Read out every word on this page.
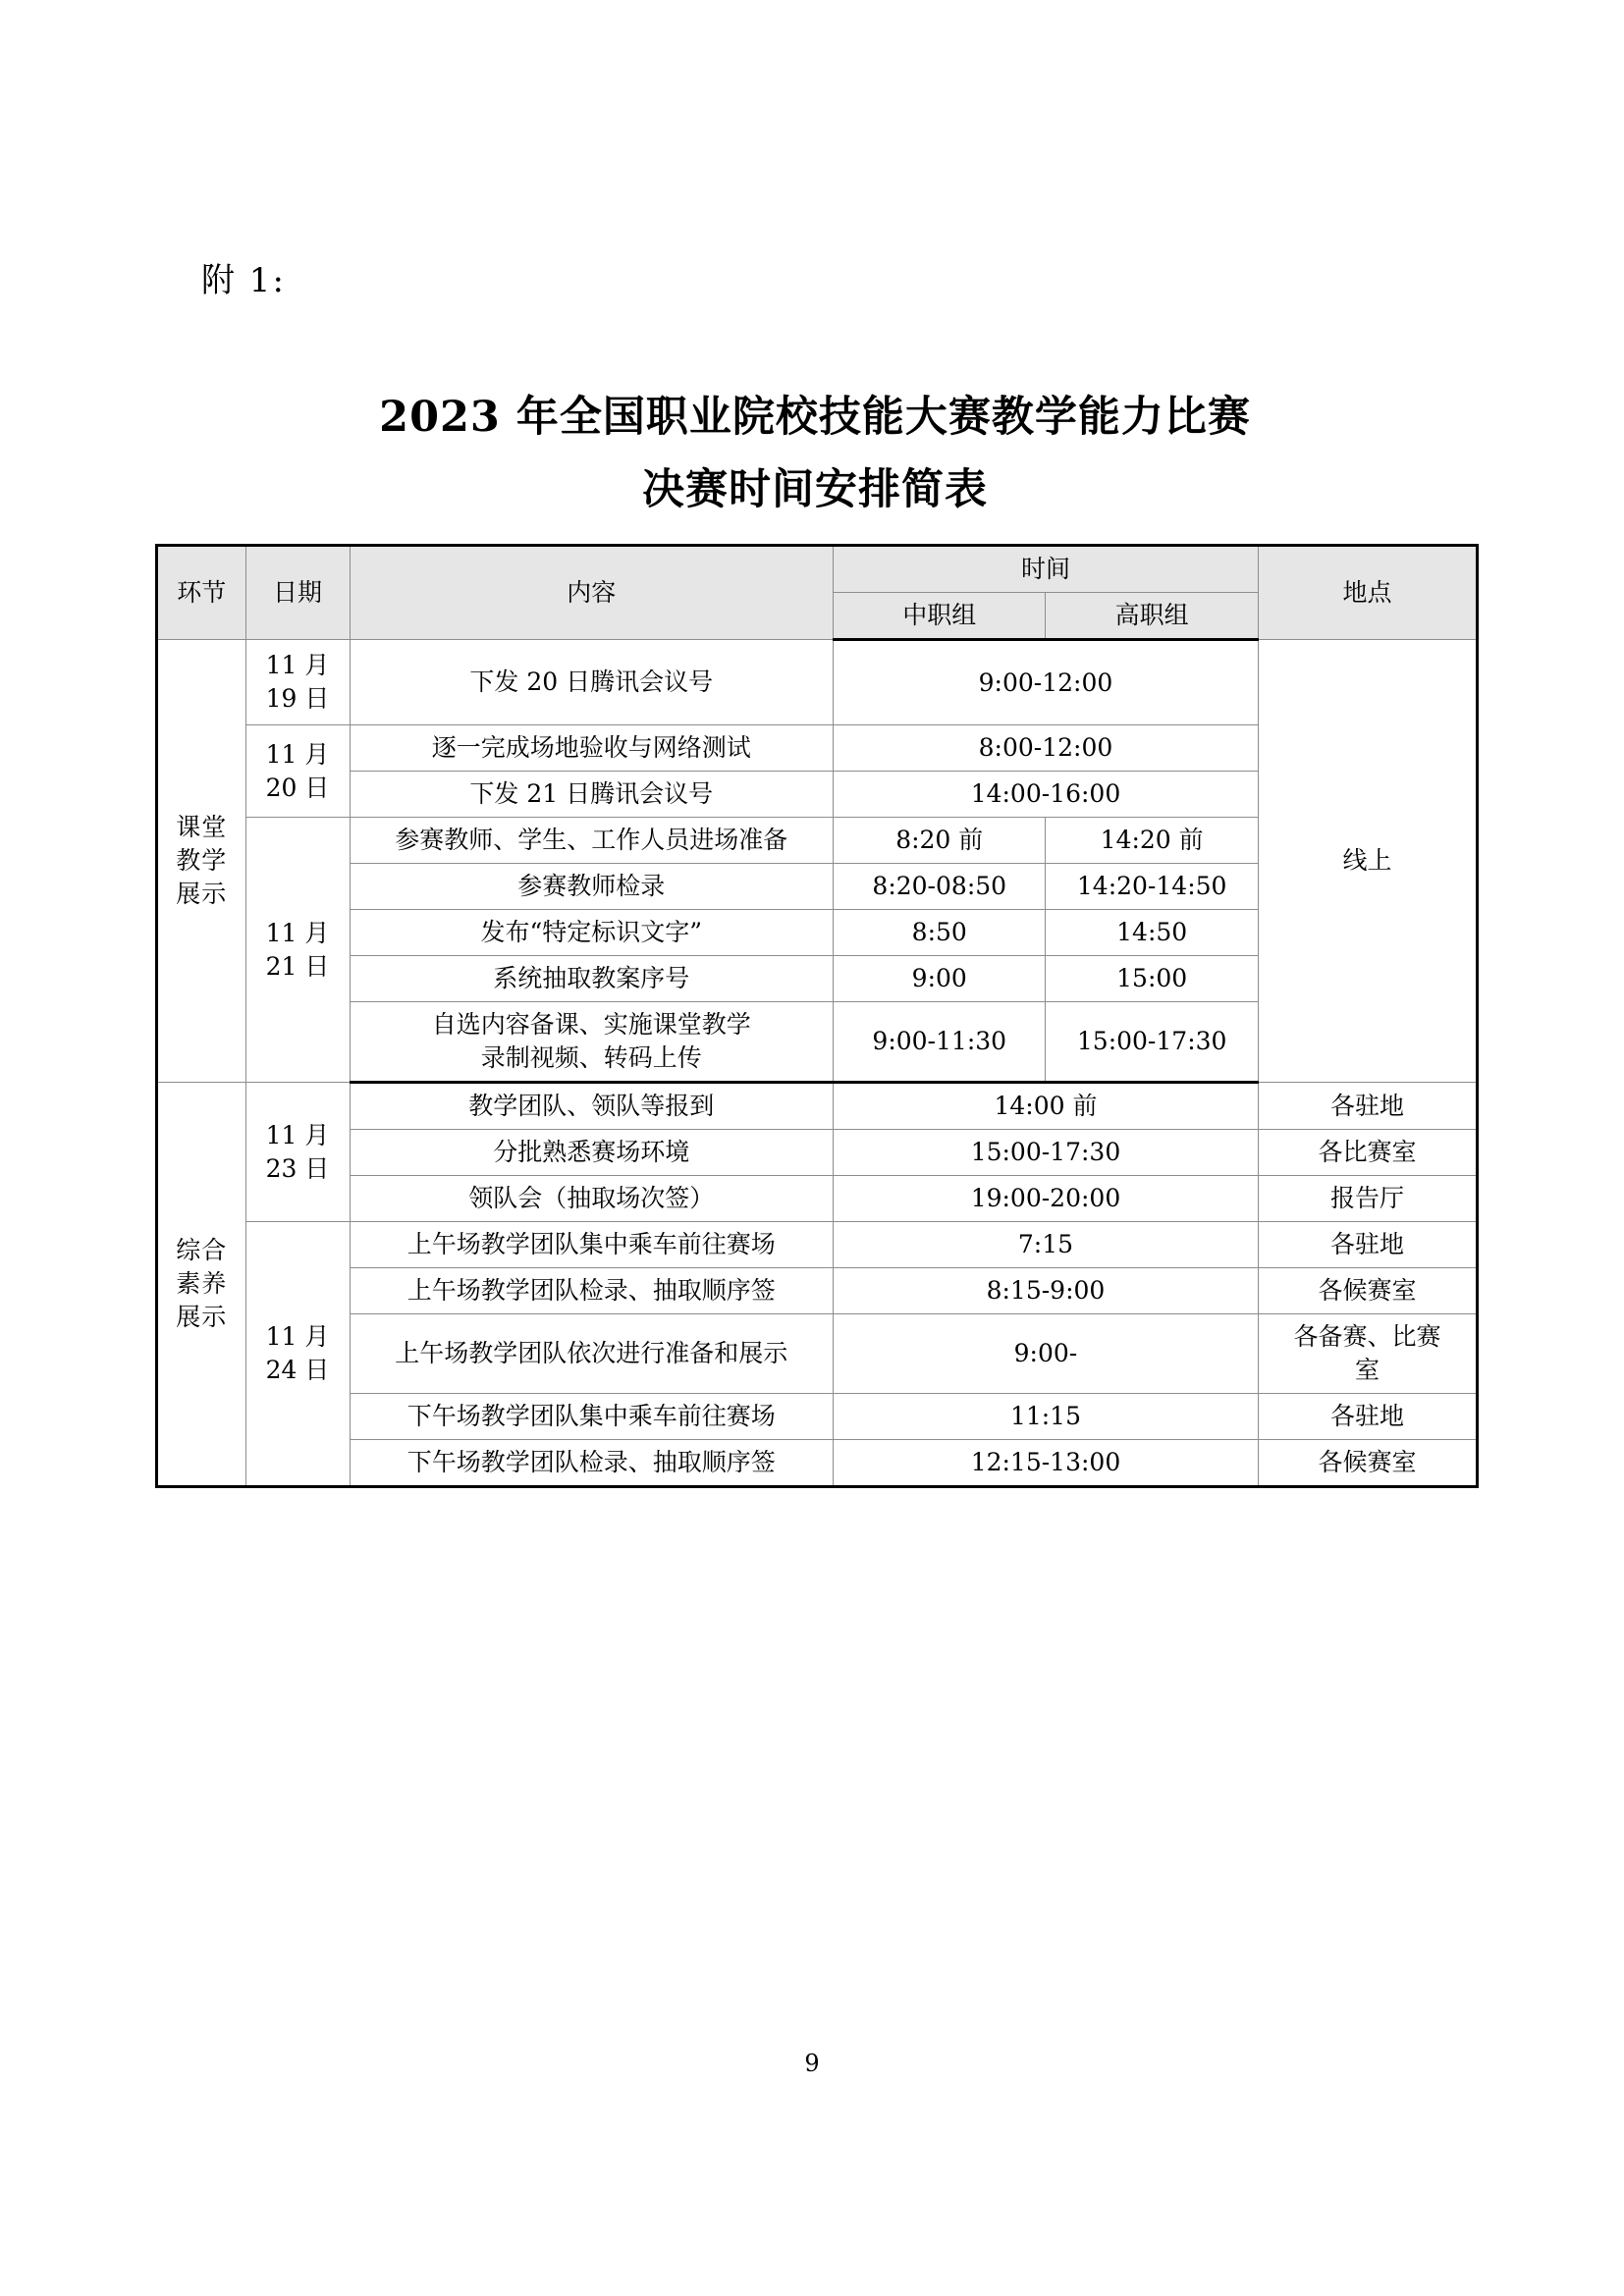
附 1:
2023 年全国职业院校技能大赛教学能力比赛
决赛时间安排简表
环节	日期	内容	时间		地点
			中职组	高职组	
课堂
教学
展示	11 月
19 日	下发 20 日腾讯会议号	9:00-12:00		线上
	11 月
20 日	逐一完成场地验收与网络测试	8:00-12:00		
		下发 21 日腾讯会议号	14:00-16:00		
	11 月
21 日	参赛教师、学生、工作人员进场准备	8:20 前	14:20 前	
		参赛教师检录	8:20-08:50	14:20-14:50	
		发布“特定标识文字”	8:50	14:50	
		系统抽取教案序号	9:00	15:00	
		自选内容备课、实施课堂教学
录制视频、转码上传	9:00-11:30	15:00-17:30	
综合
素养
展示	11 月
23 日	教学团队、领队等报到	14:00 前		各驻地
		分批熟悉赛场环境	15:00-17:30		各比赛室
		领队会（抽取场次签）	19:00-20:00		报告厅
	11 月
24 日	上午场教学团队集中乘车前往赛场	7:15		各驻地
		上午场教学团队检录、抽取顺序签	8:15-9:00		各候赛室
		上午场教学团队依次进行准备和展示	9:00-		各备赛、比赛
室
		下午场教学团队集中乘车前往赛场	11:15		各驻地
		下午场教学团队检录、抽取顺序签	12:15-13:00		各候赛室
9
